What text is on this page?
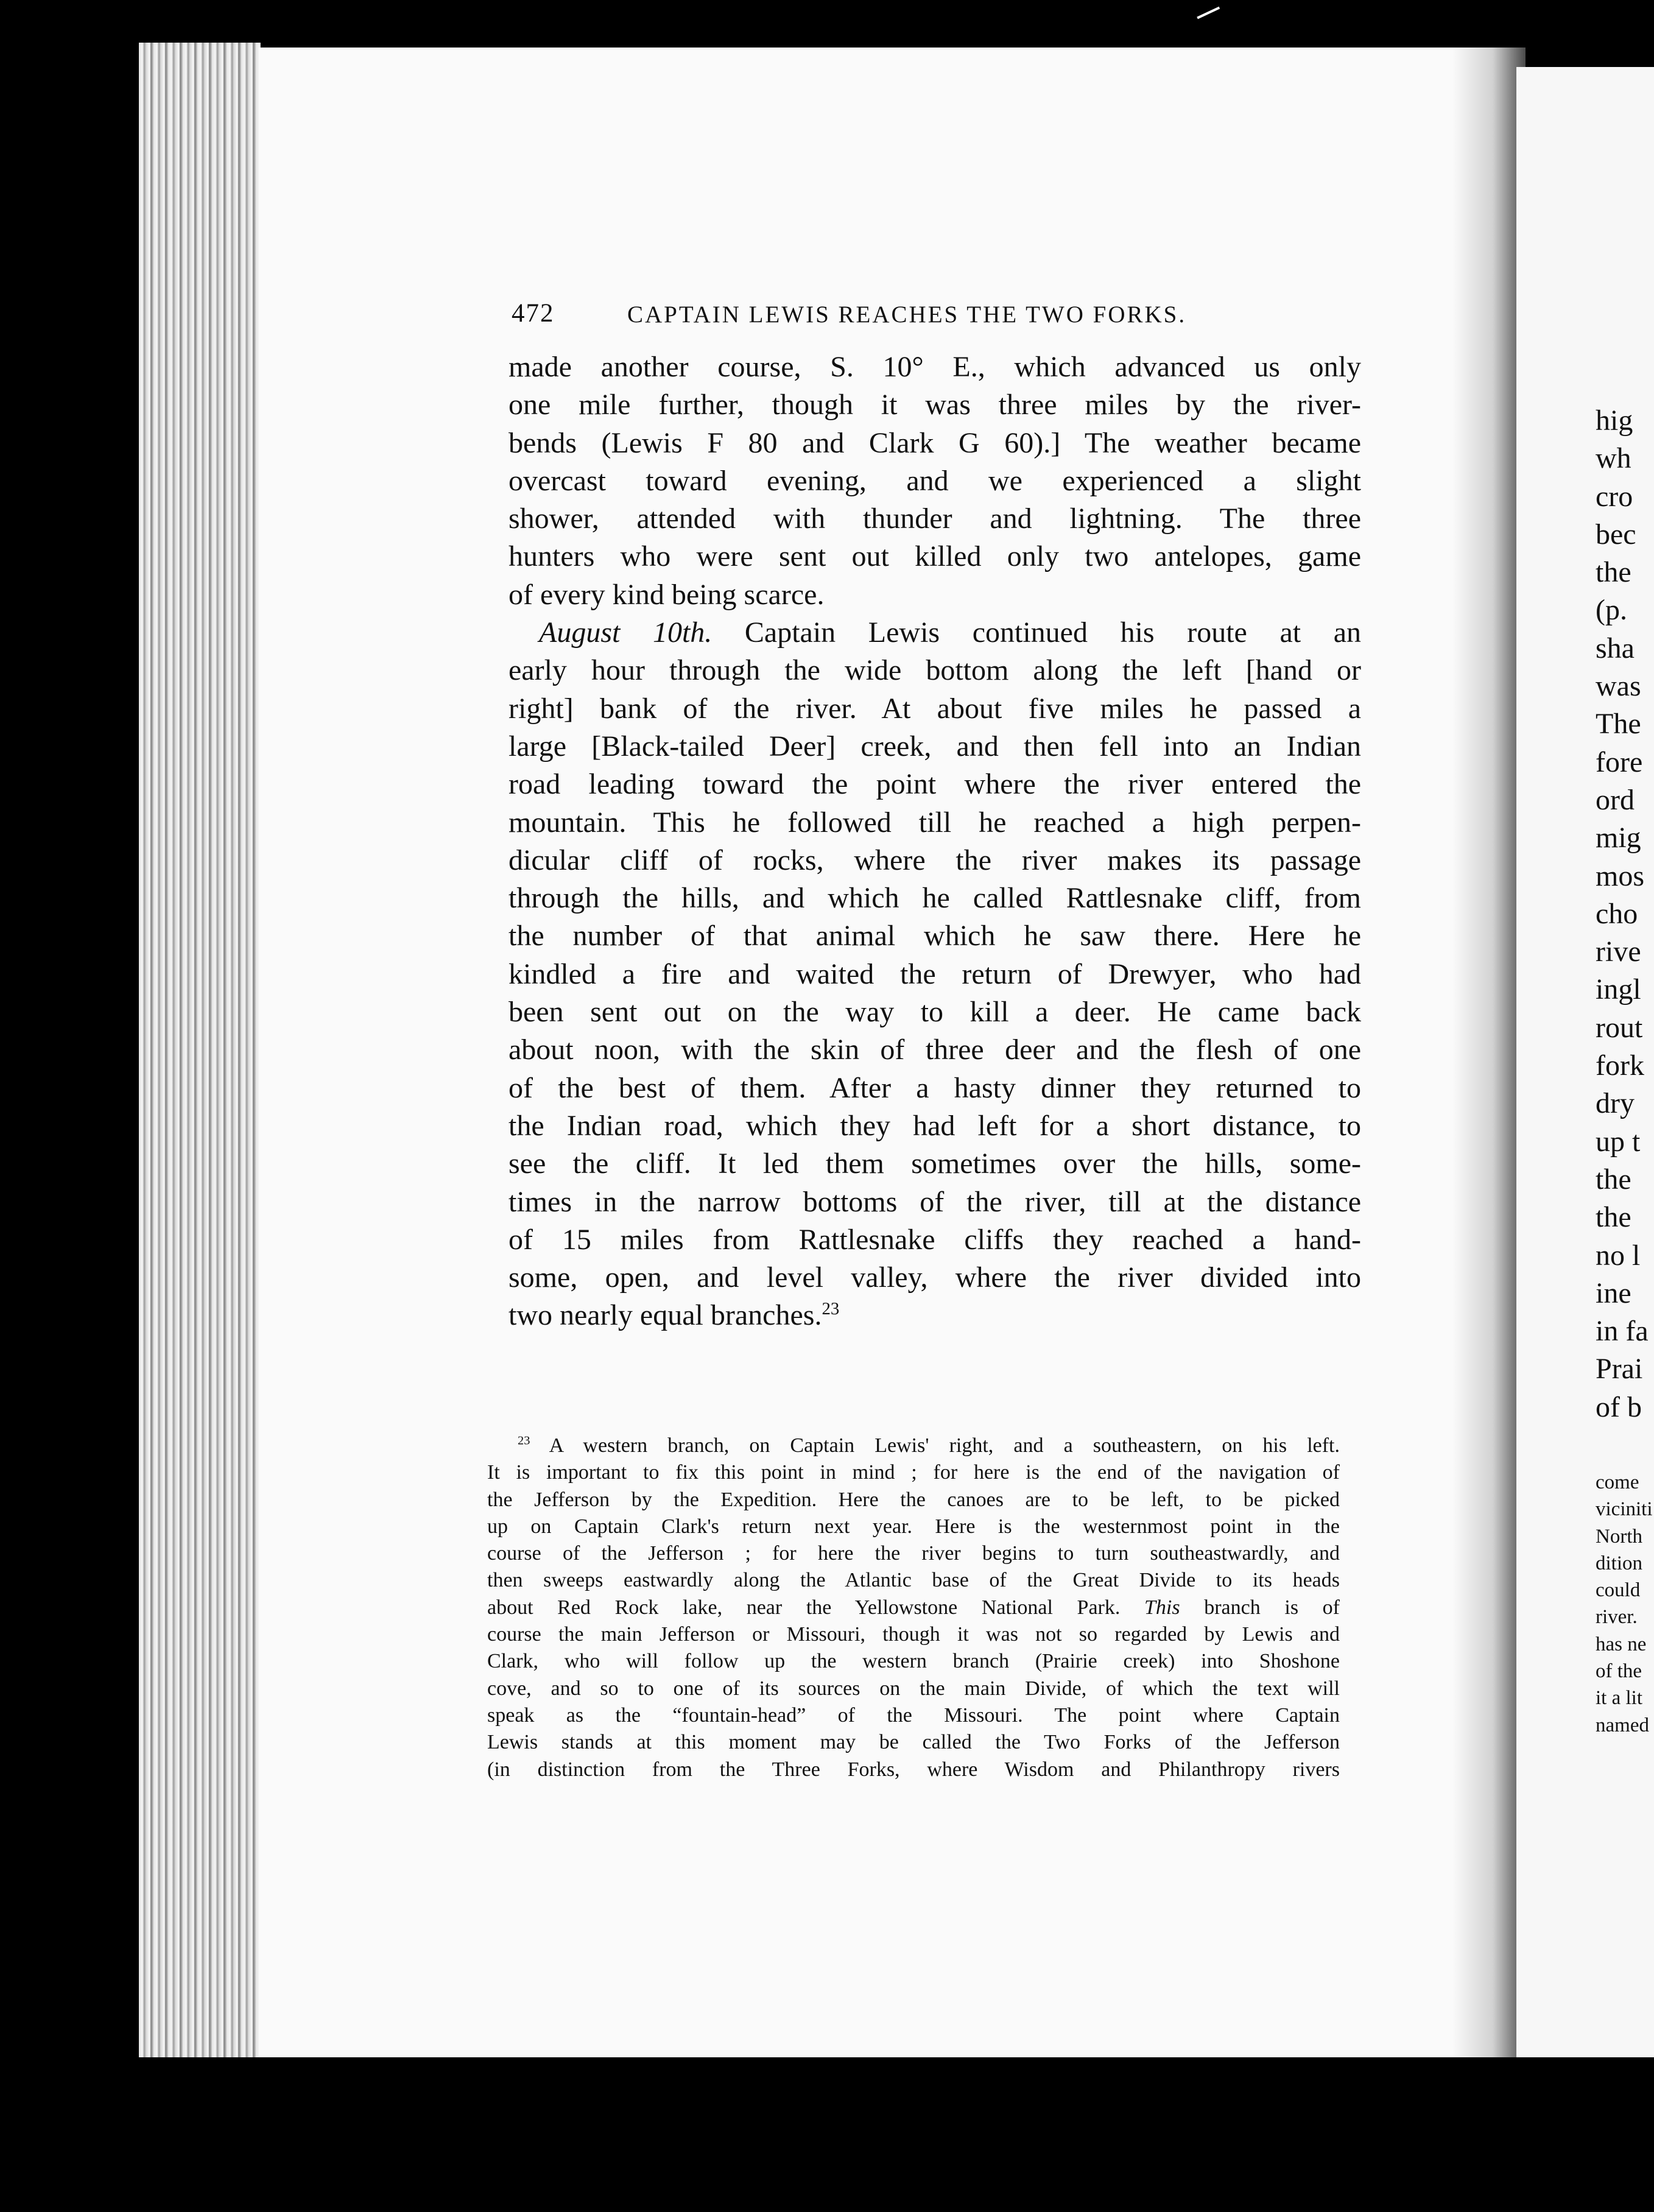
472	CAPTAIN LEWIS REACHES THE TWO FORKS.
made another course, S. 10° E., which advanced us only
one mile further, though it was three miles by the river-
bends (Lewis F 80 and Clark G 60).] The weather became
overcast toward evening, and we experienced a slight
shower, attended with thunder and lightning. The three
hunters who were sent out killed only two antelopes, game
of every kind being scarce.
August 10th. Captain Lewis continued his route at an
early hour through the wide bottom along the left [hand or
right] bank of the river. At about five miles he passed a
large [Black-tailed Deer] creek, and then fell into an Indian
road leading toward the point where the river entered the
mountain. This he followed till he reached a high perpen-
dicular cliff of rocks, where the river makes its passage
through the hills, and which he called Rattlesnake cliff, from
the number of that animal which he saw there. Here he
kindled a fire and waited the return of Drewyer, who had
been sent out on the way to kill a deer. He came back
about noon, with the skin of three deer and the flesh of one
of the best of them. After a hasty dinner they returned to
the Indian road, which they had left for a short distance, to
see the cliff. It led them sometimes over the hills, some-
times in the narrow bottoms of the river, till at the distance
of 15 miles from Rattlesnake cliffs they reached a hand-
some, open, and level valley, where the river divided into
two nearly equal branches.$^{23}$
$^{23}$ A western branch, on Captain Lewis' right, and a southeastern, on his left.
It is important to fix this point in mind ; for here is the end of the navigation of
the Jefferson by the Expedition. Here the canoes are to be left, to be picked
up on Captain Clark's return next year. Here is the westernmost point in the
course of the Jefferson ; for here the river begins to turn southeastwardly, and
then sweeps eastwardly along the Atlantic base of the Great Divide to its heads
about Red Rock lake, near the Yellowstone National Park. This branch is of
course the main Jefferson or Missouri, though it was not so regarded by Lewis and
Clark, who will follow up the western branch (Prairie creek) into Shoshone
cove, and so to one of its sources on the main Divide, of which the text will
speak as the “fountain-head” of the Missouri. The point where Captain
Lewis stands at this moment may be called the Two Forks of the Jefferson
(in distinction from the Three Forks, where Wisdom and Philanthropy rivers
hig
wh
cro
bec
the
(p.
sha
was
The
fore
ord
mig
mos
cho
rive
ingl
rout
fork
dry
up t
the
the
no l
ine
in fa
Prai
of b
come
viciniti
North
dition
could
river.
has ne
of the
it a lit
named
